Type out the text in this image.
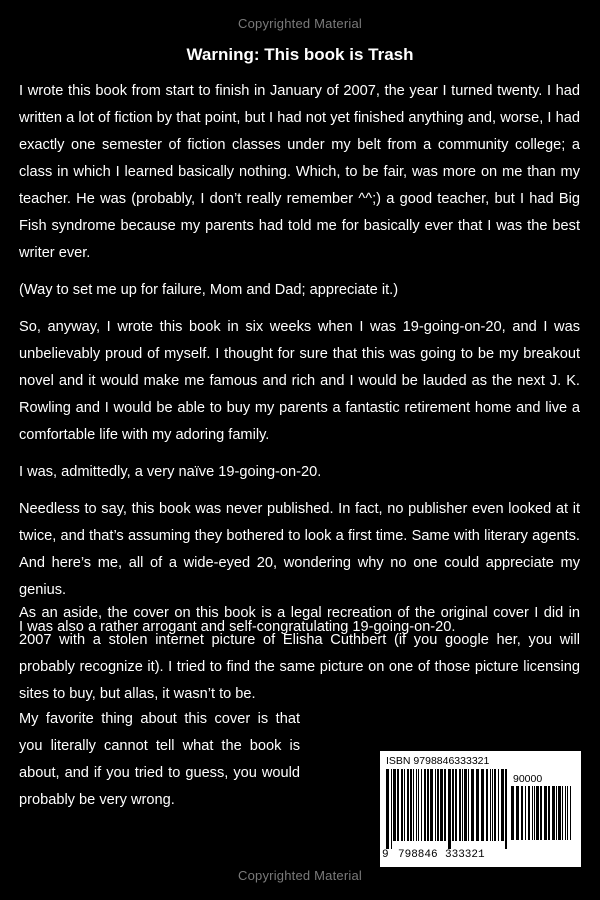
Copyrighted Material
Warning: This book is Trash

I wrote this book from start to finish in January of 2007, the year I turned twenty. I had written a lot of fiction by that point, but I had not yet finished anything and, worse, I had exactly one semester of fiction classes under my belt from a community college; a class in which I learned basically nothing. Which, to be fair, was more on me than my teacher. He was (probably, I don’t really remember ^^;) a good teacher, but I had Big Fish syndrome because my parents had told me for basically ever that I was the best writer ever.

(Way to set me up for failure, Mom and Dad; appreciate it.)

So, anyway, I wrote this book in six weeks when I was 19-going-on-20, and I was unbelievably proud of myself. I thought for sure that this was going to be my breakout novel and it would make me famous and rich and I would be lauded as the next J. K. Rowling and I would be able to buy my parents a fantastic retirement home and live a comfortable life with my adoring family.

I was, admittedly, a very naïve 19-going-on-20.

Needless to say, this book was never published. In fact, no publisher even looked at it twice, and that’s assuming they bothered to look a first time. Same with literary agents. And here’s me, all of a wide-eyed 20, wondering why no one could appreciate my genius.

I was also a rather arrogant and self-congratulating 19-going-on-20.

As an aside, the cover on this book is a legal recreation of the original cover I did in 2007 with a stolen internet picture of Elisha Cuthbert (if you google her, you will probably recognize it). I tried to find the same picture on one of those picture licensing sites to buy, but allas, it wasn’t to be.

My favorite thing about this cover is that you literally cannot tell what the book is about, and if you tried to guess, you would probably be very wrong.

ISBN 9798846333321
90000
9 798846 333321
Copyrighted Material
